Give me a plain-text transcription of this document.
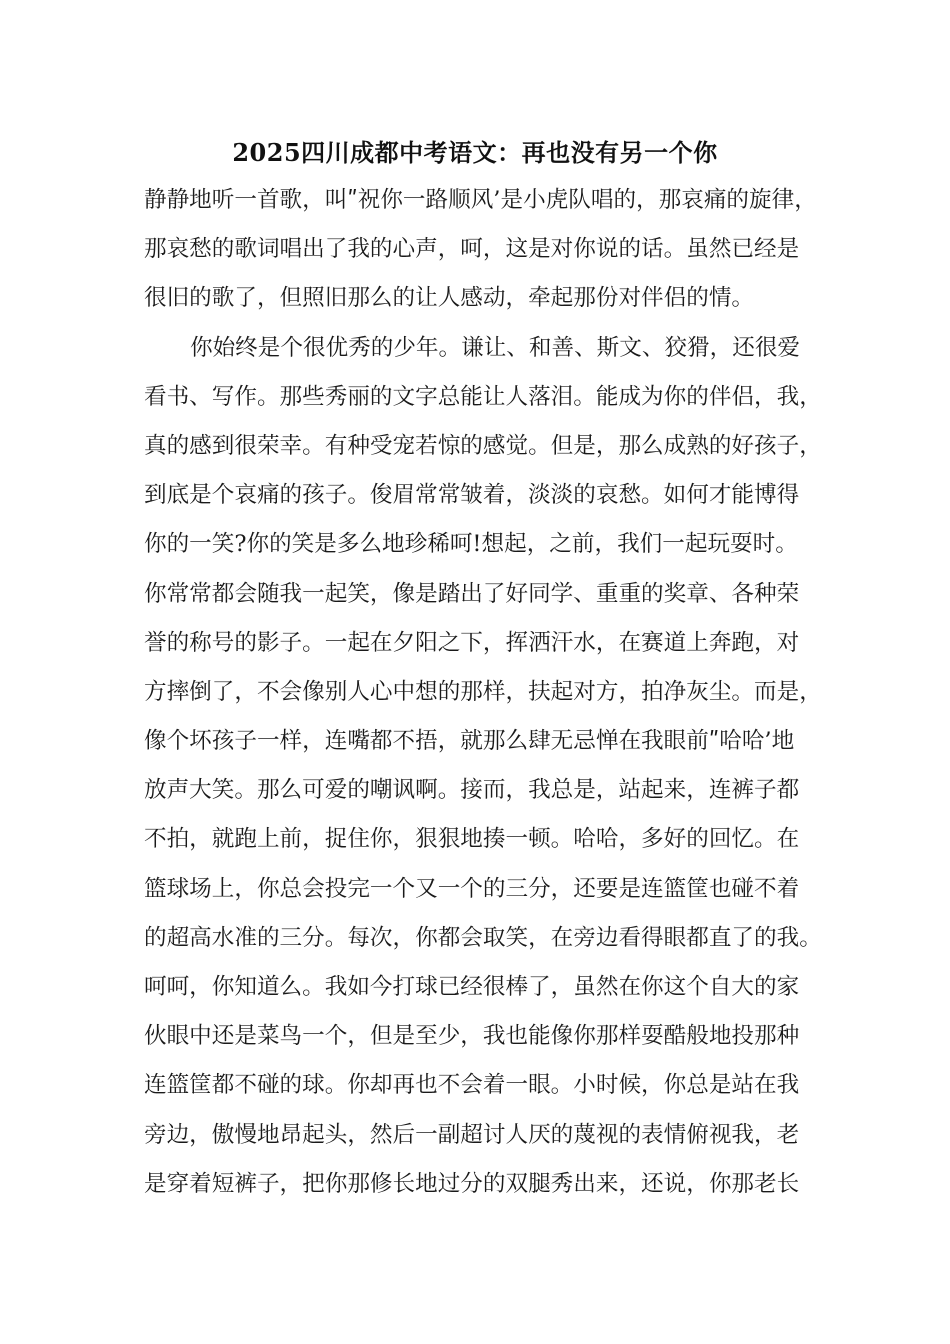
2025四川成都中考语文：再也没有另一个你
静静地听一首歌，叫ʺ祝你一路顺风’是小虎队唱的，那哀痛的旋律，
那哀愁的歌词唱出了我的心声，呵，这是对你说的话。虽然已经是
很旧的歌了，但照旧那么的让人感动，牵起那份对伴侣的情。
你始终是个很优秀的少年。谦让、和善、斯文、狡猾，还很爱
看书、写作。那些秀丽的文字总能让人落泪。能成为你的伴侣，我，
真的感到很荣幸。有种受宠若惊的感觉。但是，那么成熟的好孩子，
到底是个哀痛的孩子。俊眉常常皱着，淡淡的哀愁。如何才能博得
你的一笑?你的笑是多么地珍稀呵!想起，之前，我们一起玩耍时。
你常常都会随我一起笑，像是踏出了好同学、重重的奖章、各种荣
誉的称号的影子。一起在夕阳之下，挥洒汗水，在赛道上奔跑，对
方摔倒了，不会像别人心中想的那样，扶起对方，拍净灰尘。而是，
像个坏孩子一样，连嘴都不捂，就那么肆无忌惮在我眼前ʺ哈哈’地
放声大笑。那么可爱的嘲讽啊。接而，我总是，站起来，连裤子都
不拍，就跑上前，捉住你，狠狠地揍一顿。哈哈，多好的回忆。在
篮球场上，你总会投完一个又一个的三分，还要是连篮筐也碰不着
的超高水准的三分。每次，你都会取笑，在旁边看得眼都直了的我。
呵呵，你知道么。我如今打球已经很棒了，虽然在你这个自大的家
伙眼中还是菜鸟一个，但是至少，我也能像你那样耍酷般地投那种
连篮筐都不碰的球。你却再也不会着一眼。小时候，你总是站在我
旁边，傲慢地昂起头，然后一副超讨人厌的蔑视的表情俯视我，老
是穿着短裤子，把你那修长地过分的双腿秀出来，还说，你那老长
